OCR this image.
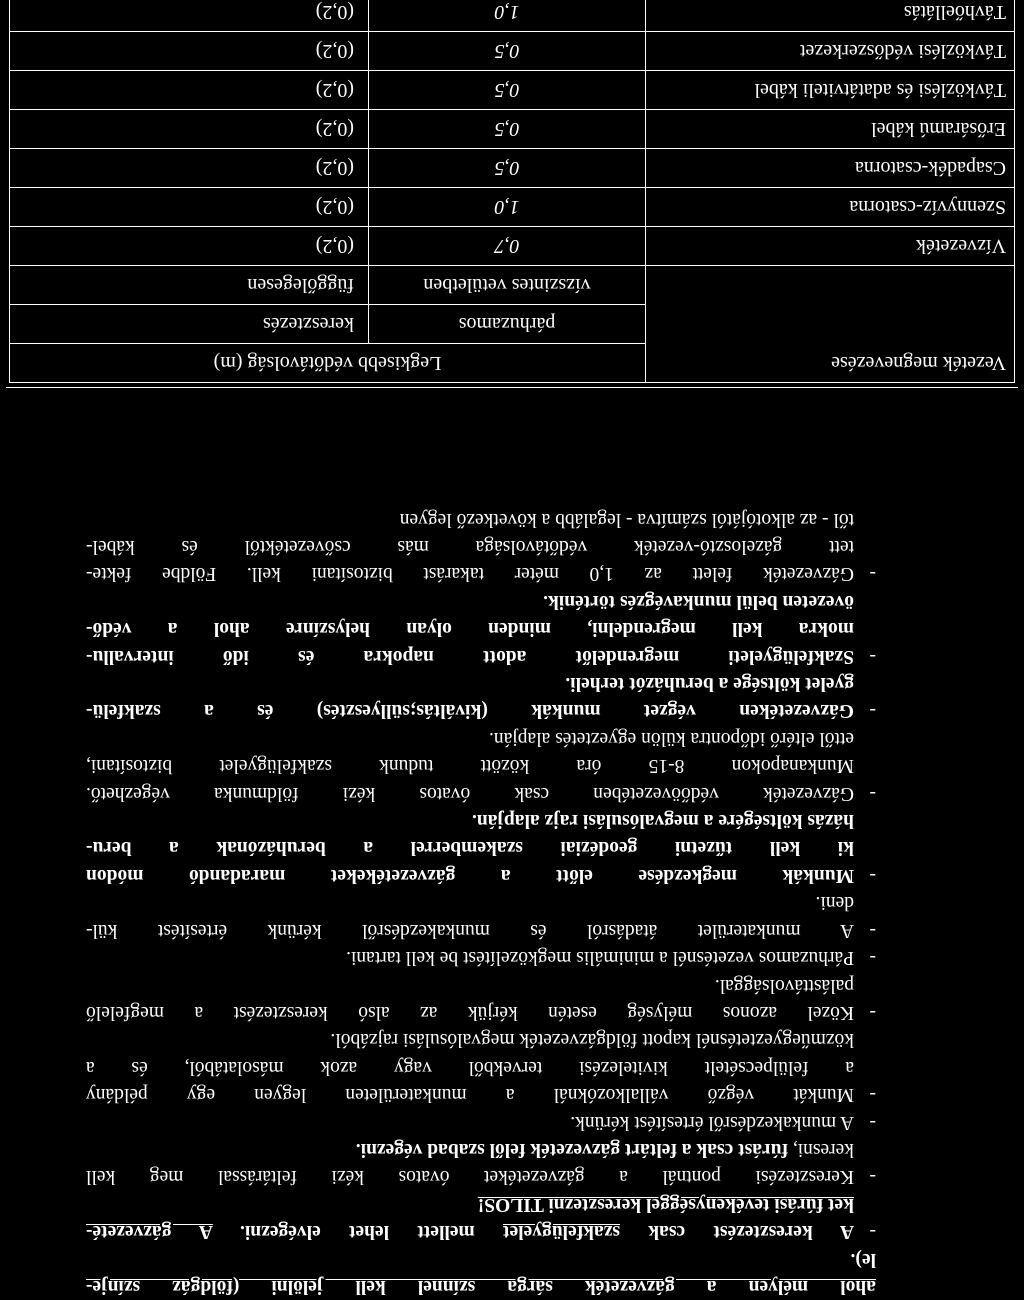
ahol mélyen a gázvezeték sárga színnel kell jelölni (földgáz színje-
le).
-
A keresztezést csak szakfelügyelet mellett lehet elvégezni. A gázvezeté-
ket fúrási tevékenységgel keresztezni TILOS!
-
Keresztezési pontnál a gázvezetéket óvatos kézi feltárással meg kell
keresni, fúrást csak a feltárt gázvezeték felől szabad végezni.
-
A munkakezdésről értesítést kérünk.
-
Munkát végző vállalkozóknál a munkaterületen legyen egy példány
a felülpecsételt kivitelezési tervekből vagy azok másolatából, és a
közműegyeztetésnél kapott földgázvezeték megvalósulási rajzából.
-
Közel azonos mélység esetén kérjük az alsó keresztezést a megfelelő
palásttávolsággal.
-
Párhuzamos vezetésnél a minimális megközelítést be kell tartani.
-
A munkaterület átadásról és munkakezdésről kérünk értesítést kül-
deni.
-
Munkák megkezdése előtt a gázvezetékeket maradandó módon
ki kell tűzetni geodéziai szakemberrel a beruházónak a beru-
házás költségére a megvalósulási rajz alapján.
-
Gázvezeték védőövezetében csak óvatos kézi földmunka végezhető.
Munkanapokon 8-15 óra között tudunk szakfelügyelet biztosítani,
ettől eltérő időpontra külön egyeztetés alapján.
-
Gázvezetéken végzet munkák (kiváltás;süllyesztés) és a szakfelü-
gyelet költsége a beruházót terheli.
-
Szakfelügyeleti megrendelőt adott napokra és idő intervallu-
mokra kell megrendelni, minden olyan helyszínre ahol a védő-
övezeten belül munkavégzés történik.
-
Gázvezeték felett az 1,0 méter takarást biztosítani kell. Földbe fekte-
tett gázelosztó-vezeték védőtávolsága más csővezetéktől és kábel-
től - az alkotójától számítva - legalább a következő legyen
Vezeték megnevezése	Legkisebb védőtávolság (m)	
	párhuzamos	keresztezés
	vízszintes vetületben	függőlegesen
Vízvezeték	0,7	(0,2)
Szennyvíz-csatorna	1,0	(0,2)
Csapadék-csatorna	0,5	(0,2)
Erősáramú kábel	0,5	(0,2)
Távközlési és adatátviteli kábel	0,5	(0,2)
Távközlési védőszerkezet	0,5	(0,2)
Távhőellátás	1,0	(0,2)
